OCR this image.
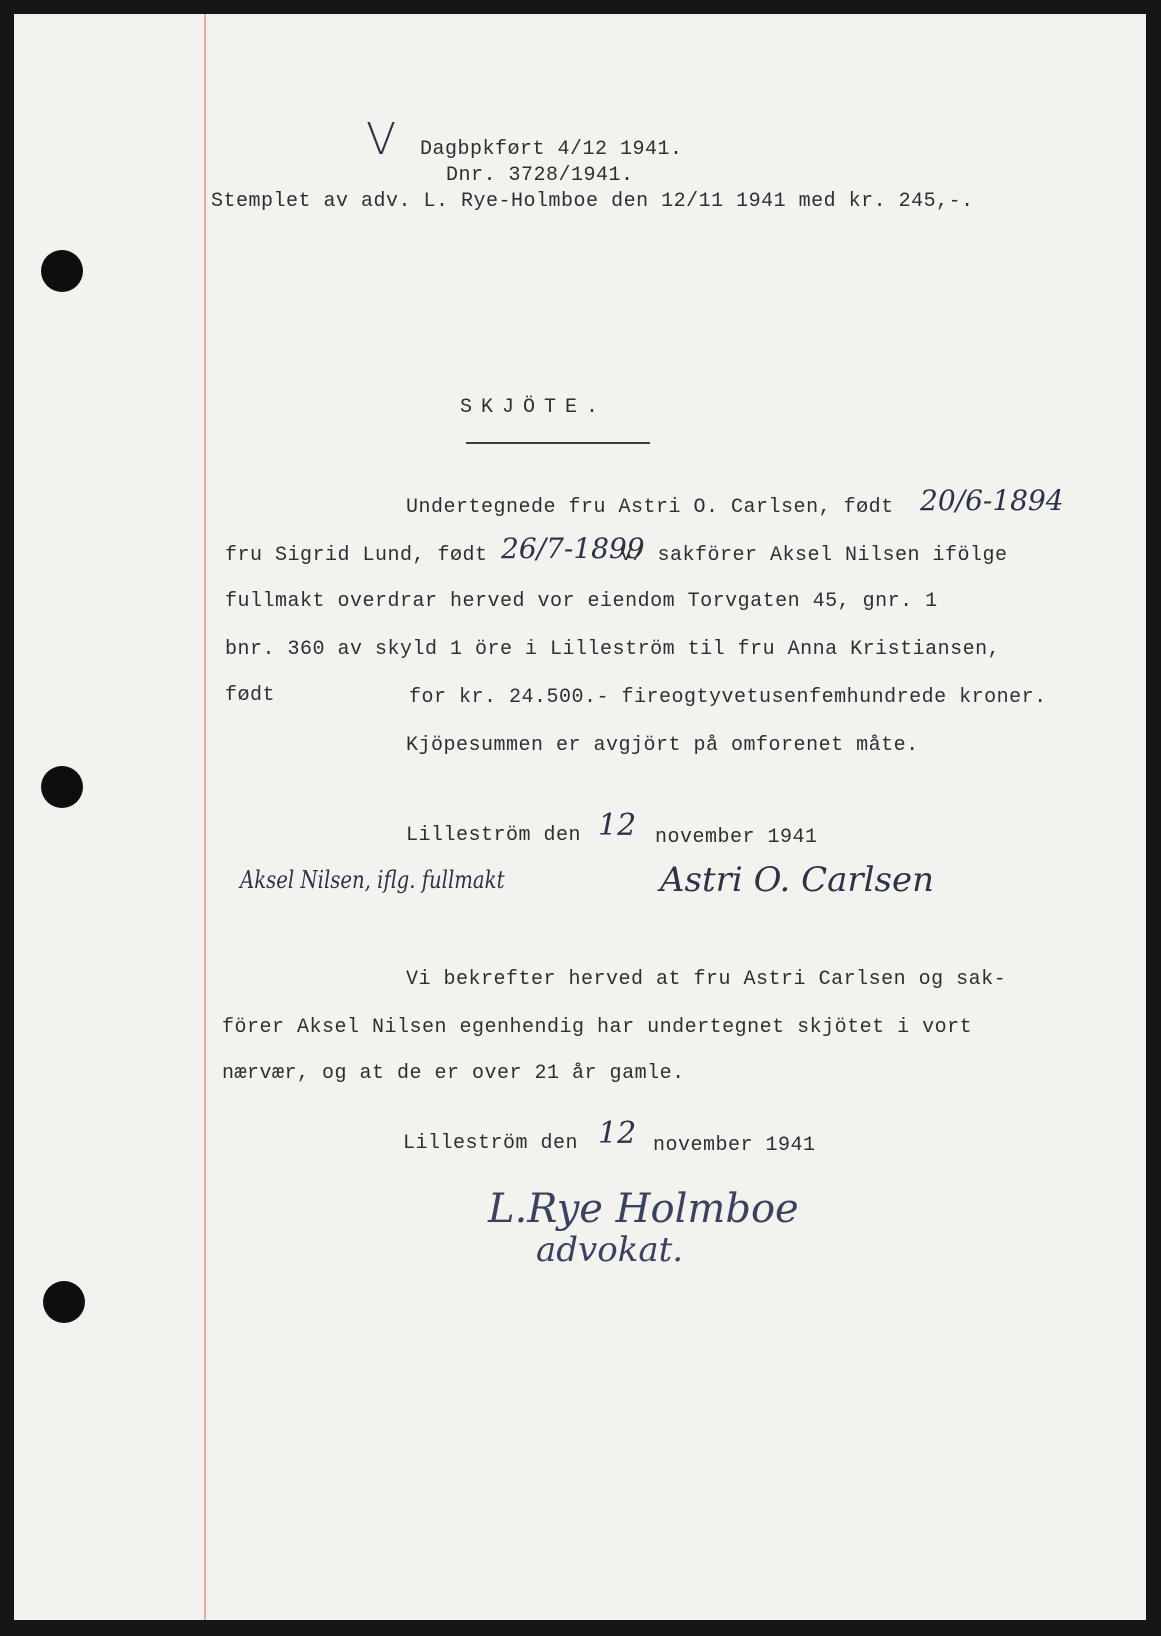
V Dagbpkført 4/12 1941.
Dnr. 3728/1941.
Stemplet av adv. L. Rye-Holmboe den 12/11 1941 med kr. 245,-.
SKJÖTE.
Undertegnede fru Astri O. Carlsen, født 20/6-1894
fru Sigrid Lund, født 26/7-1899
v/ sakförer Aksel Nilsen ifölge
fullmakt overdrar herved vor eiendom Torvgaten 45, gnr. 1
bnr. 360 av skyld 1 öre i Lilleström til fru Anna Kristiansen,
født	for kr. 24.500.- fireogtyvetusenfemhundrede kroner.
Kjöpesummen er avgjört på omforenet måte.
Lilleström den 12 november 1941
Aksel Nilsen, iflg. fullmakt	Astri O. Carlsen
Vi bekrefter herved at fru Astri Carlsen og sak-
förer Aksel Nilsen egenhendig har undertegnet skjötet i vort
nærvær, og at de er over 21 år gamle.
Lilleström den 12 november 1941
L.Rye Holmboe
advokat.
